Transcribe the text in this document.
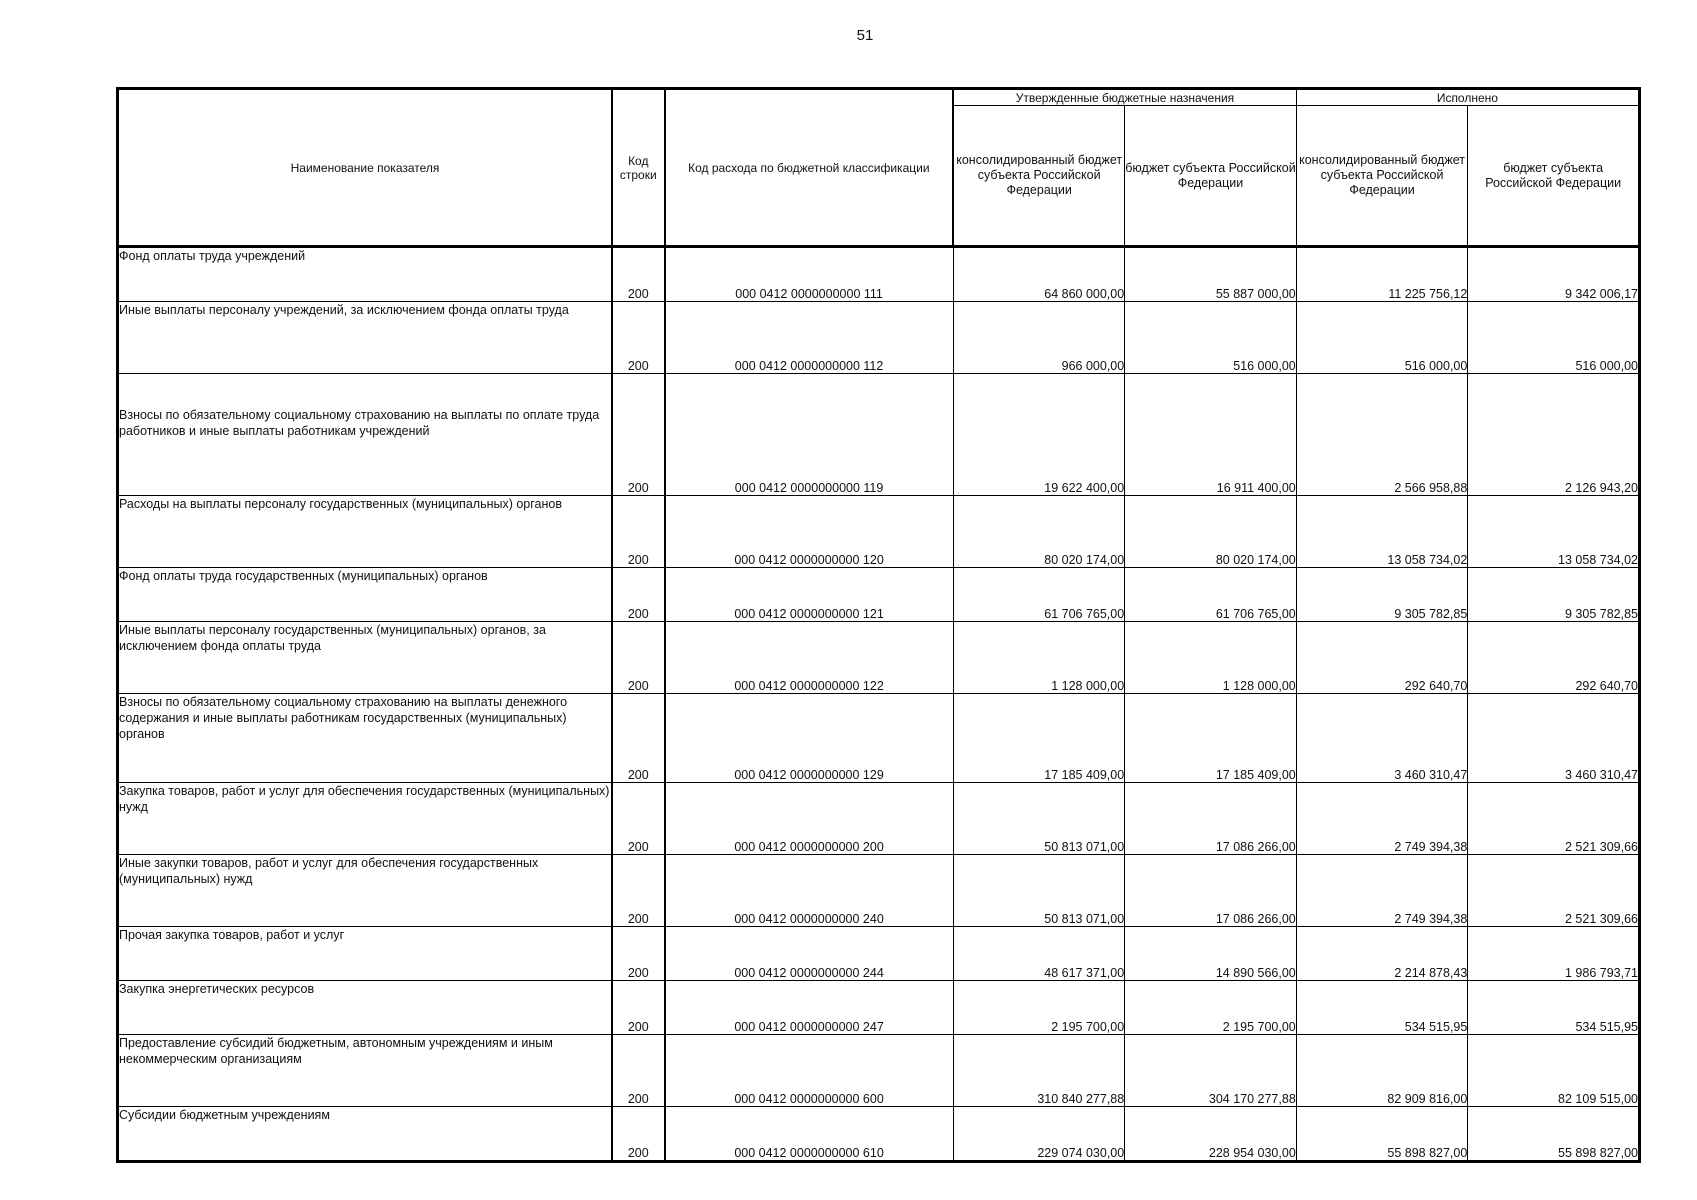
51
Наименование показателя	Код строки	Код расхода по бюджетной классификации	Утвержденные бюджетные назначения		Исполнено	
			консолидированный бюджет субъекта Российской Федерации	бюджет субъекта Российской Федерации	консолидированный бюджет субъекта Российской Федерации	бюджет субъекта Российской Федерации
Фонд оплаты труда учреждений	200	000 0412 0000000000 111	64 860 000,00	55 887 000,00	11 225 756,12	9 342 006,17
Иные выплаты персоналу учреждений, за исключением фонда оплаты труда	200	000 0412 0000000000 112	966 000,00	516 000,00	516 000,00	516 000,00
Взносы по обязательному социальному страхованию на выплаты по оплате труда работников и иные выплаты работникам учреждений	200	000 0412 0000000000 119	19 622 400,00	16 911 400,00	2 566 958,88	2 126 943,20
Расходы на выплаты персоналу государственных (муниципальных) органов	200	000 0412 0000000000 120	80 020 174,00	80 020 174,00	13 058 734,02	13 058 734,02
Фонд оплаты труда государственных (муниципальных) органов	200	000 0412 0000000000 121	61 706 765,00	61 706 765,00	9 305 782,85	9 305 782,85
Иные выплаты персоналу государственных (муниципальных) органов, за исключением фонда оплаты труда	200	000 0412 0000000000 122	1 128 000,00	1 128 000,00	292 640,70	292 640,70
Взносы по обязательному социальному страхованию на выплаты денежного содержания и иные выплаты работникам государственных (муниципальных) органов	200	000 0412 0000000000 129	17 185 409,00	17 185 409,00	3 460 310,47	3 460 310,47
Закупка товаров, работ и услуг для обеспечения государственных (муниципальных) нужд	200	000 0412 0000000000 200	50 813 071,00	17 086 266,00	2 749 394,38	2 521 309,66
Иные закупки товаров, работ и услуг для обеспечения государственных (муниципальных) нужд	200	000 0412 0000000000 240	50 813 071,00	17 086 266,00	2 749 394,38	2 521 309,66
Прочая закупка товаров, работ и услуг	200	000 0412 0000000000 244	48 617 371,00	14 890 566,00	2 214 878,43	1 986 793,71
Закупка энергетических ресурсов	200	000 0412 0000000000 247	2 195 700,00	2 195 700,00	534 515,95	534 515,95
Предоставление субсидий бюджетным, автономным учреждениям и иным некоммерческим организациям	200	000 0412 0000000000 600	310 840 277,88	304 170 277,88	82 909 816,00	82 109 515,00
Субсидии бюджетным учреждениям	200	000 0412 0000000000 610	229 074 030,00	228 954 030,00	55 898 827,00	55 898 827,00
